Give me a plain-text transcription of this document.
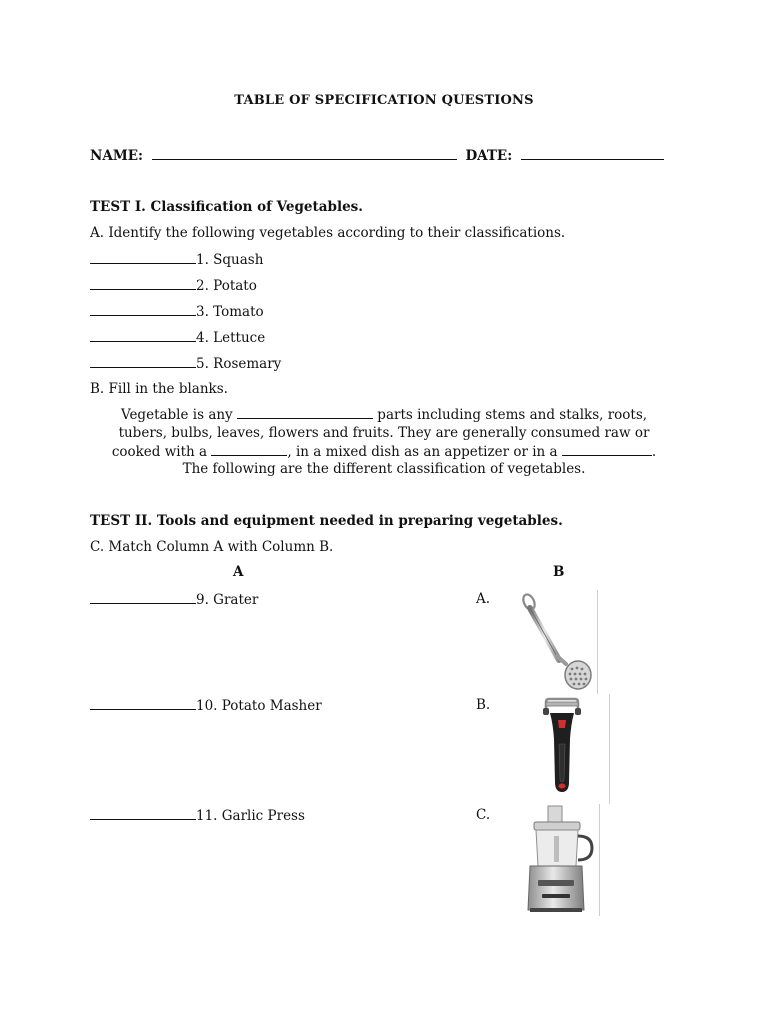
TABLE OF SPECIFICATION QUESTIONS
NAME:	DATE:
TEST I. Classification of Vegetables.
A. Identify the following vegetables according to their classifications.
1. Squash
2. Potato
3. Tomato
4. Lettuce
5. Rosemary
B. Fill in the blanks.
Vegetable is any	parts including stems and stalks, roots,
tubers, bulbs, leaves, flowers and fruits. They are generally consumed raw or
cooked with a	, in a mixed dish as an appetizer or in a	.
The following are the different classification of vegetables.
TEST II. Tools and equipment needed in preparing vegetables.
C. Match Column A with Column B.
A	B
9. Grater	A.
10. Potato Masher	B.
11. Garlic Press	C.
